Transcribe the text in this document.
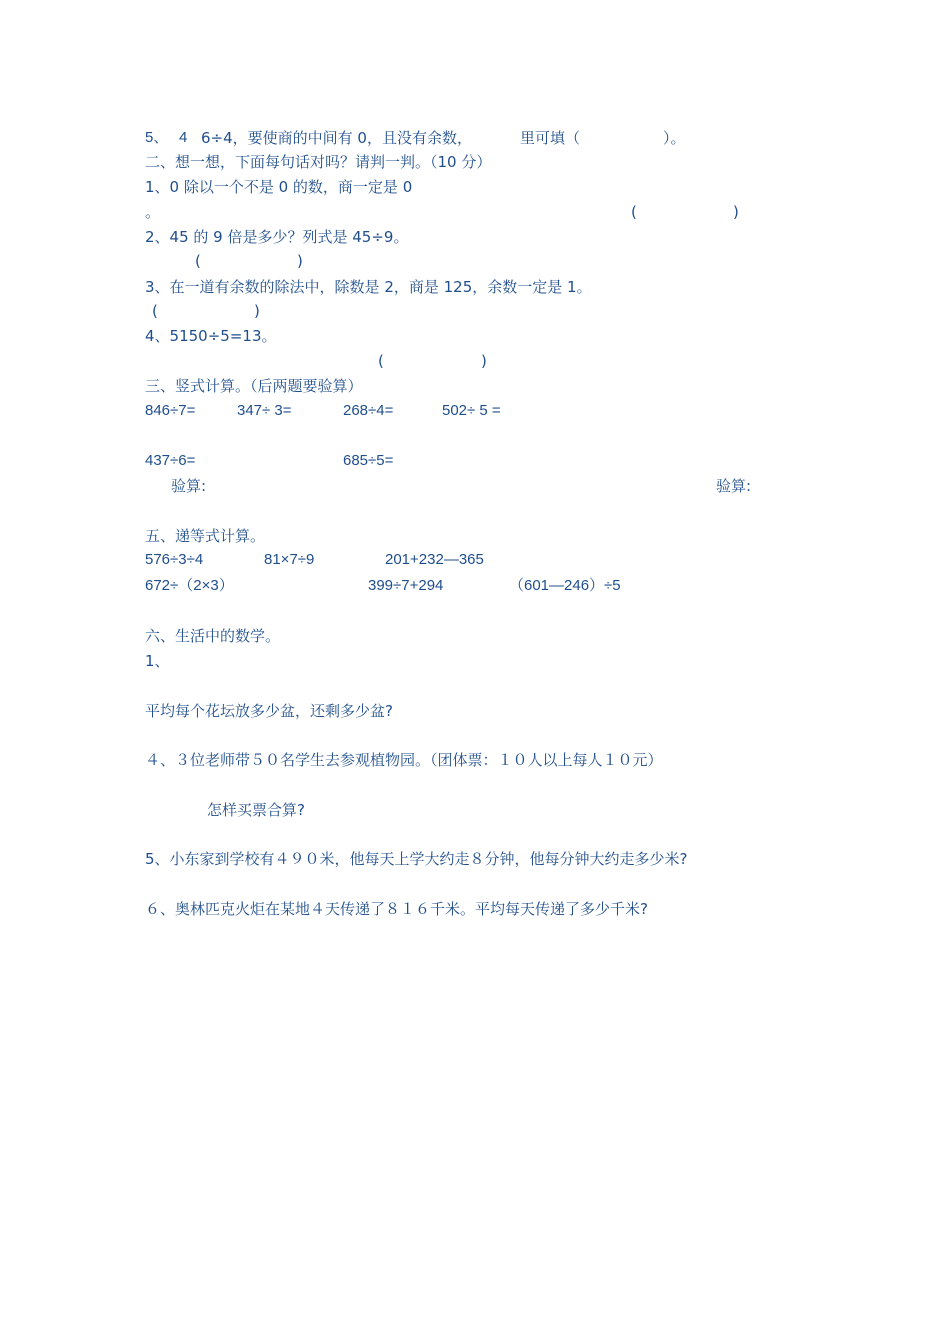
5、 4 6÷4，要使商的中间有 0，且没有余数，	里可填（	）。
二、想一想，下面每句话对吗？请判一判。（10 分）
1、0 除以一个不是 0 的数，商一定是 0
。	(	)
2、45 的 9 倍是多少？列式是 45÷9。
(	)
3、在一道有余数的除法中，除数是 2，商是 125，余数一定是 1。
(	)
4、5150÷5=13。
(	)
三、竖式计算。（后两题要验算）
846÷7=	347÷ 3=	268÷4=	502÷ 5 =
437÷6=	685÷5=
验算:	验算:
五、递等式计算。
576÷3÷4	81×7÷9	201+232—365
672÷（2×3）	399÷7+294	（601—246）÷5
六、生活中的数学。
1、
平均每个花坛放多少盆，还剩多少盆?
４、３位老师带５０名学生去参观植物园。（团体票：１０人以上每人１０元）
怎样买票合算?
5、小东家到学校有４９０米，他每天上学大约走８分钟，他每分钟大约走多少米?
６、奥林匹克火炬在某地４天传递了８１６千米。平均每天传递了多少千米?
